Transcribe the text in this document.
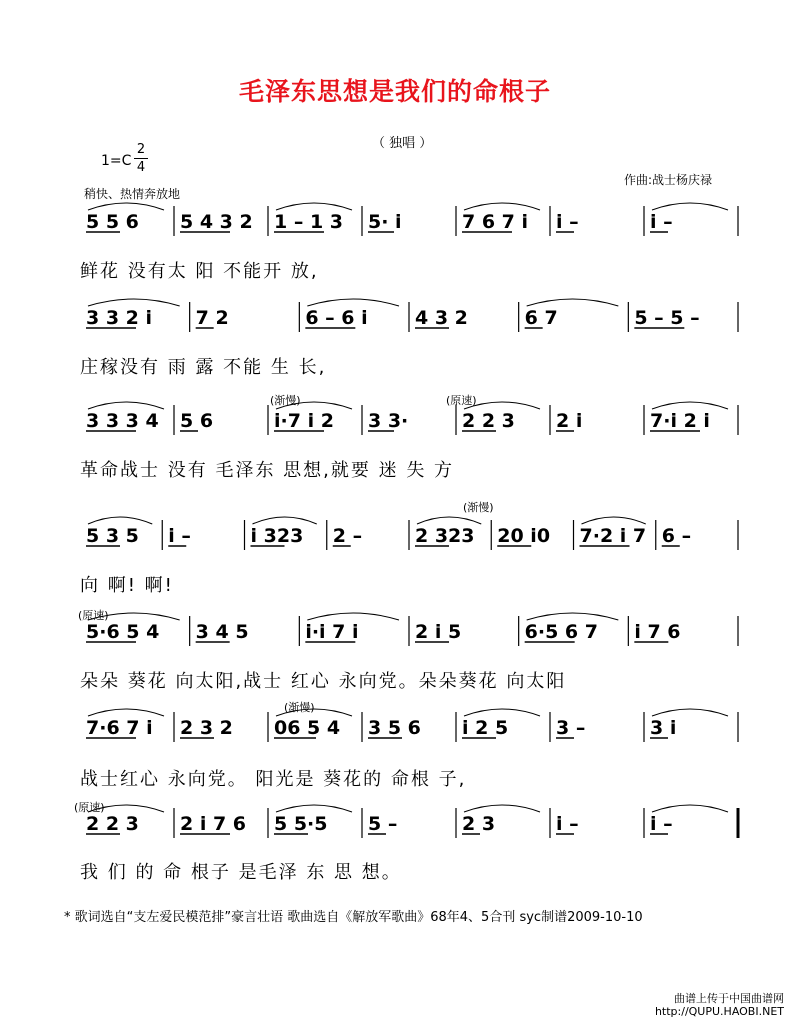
毛泽东思想是我们的命根子
（ 独唱 ）
1=C
2
4
稍快、热情奔放地
作曲:战士杨庆禄
5 5 6 5 4 3 2 1 – 1 3 5· i	7 6 7 i i –	i –
3 3 2 i 7 2	6 – 6 i 4 3 2	6 7	5 – 5 –
3 3 3 4 5 6	i·7 i 2 3 3·	2 2 3 2 i	7·i 2 i
5 3 5 i –	i 323 2 –	2 323 20 i0 7·2 i 7 6 –
5·6 5 4 3 4 5	i·i 7 i	2 i 5	6·5 6 7 i 7 6
7·6 7 i 2 3 2 06 5 4 3 5 6 i 2 5	3 –	3 i
2 2 3 2 i 7 6 5 5·5 5 –	2 3	i –	i –
(渐慢)	(原速)
(渐慢)
(原速)
(渐慢)
(原速)
鲜花 没有太 阳 不能开 放,
庄稼没有 雨 露 不能 生 长,
革命战士 没有 毛泽东 思想,就要 迷 失 方
向 啊! 啊!
朵朵 葵花 向太阳,战士 红心 永向党。朵朵葵花 向太阳
战士红心 永向党。 阳光是 葵花的 命根 子,
我 们 的 命 根子 是毛泽 东 思 想。
* 歌词选自“支左爱民模范排”豪言壮语 歌曲选自《解放军歌曲》68年4、5合刊 syc制谱2009-10-10
曲谱上传于中国曲谱网
http://QUPU.HAOBI.NET
